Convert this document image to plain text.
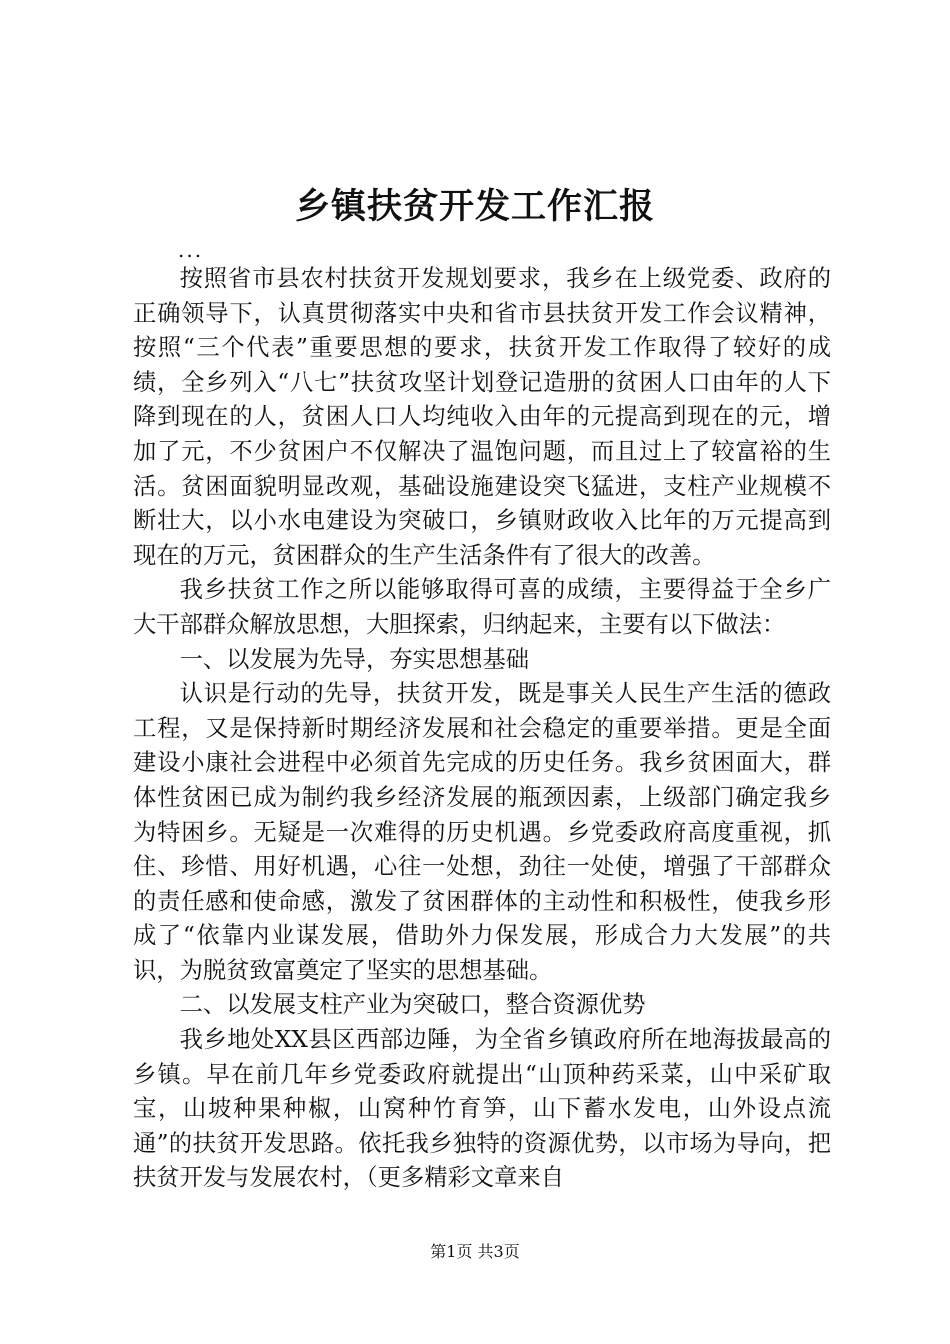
乡镇扶贫开发工作汇报
...

按照省市县农村扶贫开发规划要求，我乡在上级党委、政府的正确领导下，认真贯彻落实中央和省市县扶贫开发工作会议精神，按照“三个代表”重要思想的要求，扶贫开发工作取得了较好的成绩，全乡列入“八七”扶贫攻坚计划登记造册的贫困人口由年的人下降到现在的人，贫困人口人均纯收入由年的元提高到现在的元，增加了元，不少贫困户不仅解决了温饱问题，而且过上了较富裕的生活。贫困面貌明显改观，基础设施建设突飞猛进，支柱产业规模不断壮大，以小水电建设为突破口，乡镇财政收入比年的万元提高到现在的万元，贫困群众的生产生活条件有了很大的改善。

我乡扶贫工作之所以能够取得可喜的成绩，主要得益于全乡广大干部群众解放思想，大胆探索，归纳起来，主要有以下做法：

一、以发展为先导，夯实思想基础

认识是行动的先导，扶贫开发，既是事关人民生产生活的德政工程，又是保持新时期经济发展和社会稳定的重要举措。更是全面建设小康社会进程中必须首先完成的历史任务。我乡贫困面大，群体性贫困已成为制约我乡经济发展的瓶颈因素，上级部门确定我乡为特困乡。无疑是一次难得的历史机遇。乡党委政府高度重视，抓住、珍惜、用好机遇，心往一处想，劲往一处使，增强了干部群众的责任感和使命感，激发了贫困群体的主动性和积极性，使我乡形成了“依靠内业谋发展，借助外力保发展，形成合力大发展”的共识，为脱贫致富奠定了坚实的思想基础。

二、以发展支柱产业为突破口，整合资源优势

我乡地处XX县区西部边陲，为全省乡镇政府所在地海拔最高的乡镇。早在前几年乡党委政府就提出“山顶种药采菜，山中采矿取宝，山坡种果种椒，山窝种竹育笋，山下蓄水发电，山外设点流通”的扶贫开发思路。依托我乡独特的资源优势，以市场为导向，把扶贫开发与发展农村，（更多精彩文章来自

第1页 共3页
